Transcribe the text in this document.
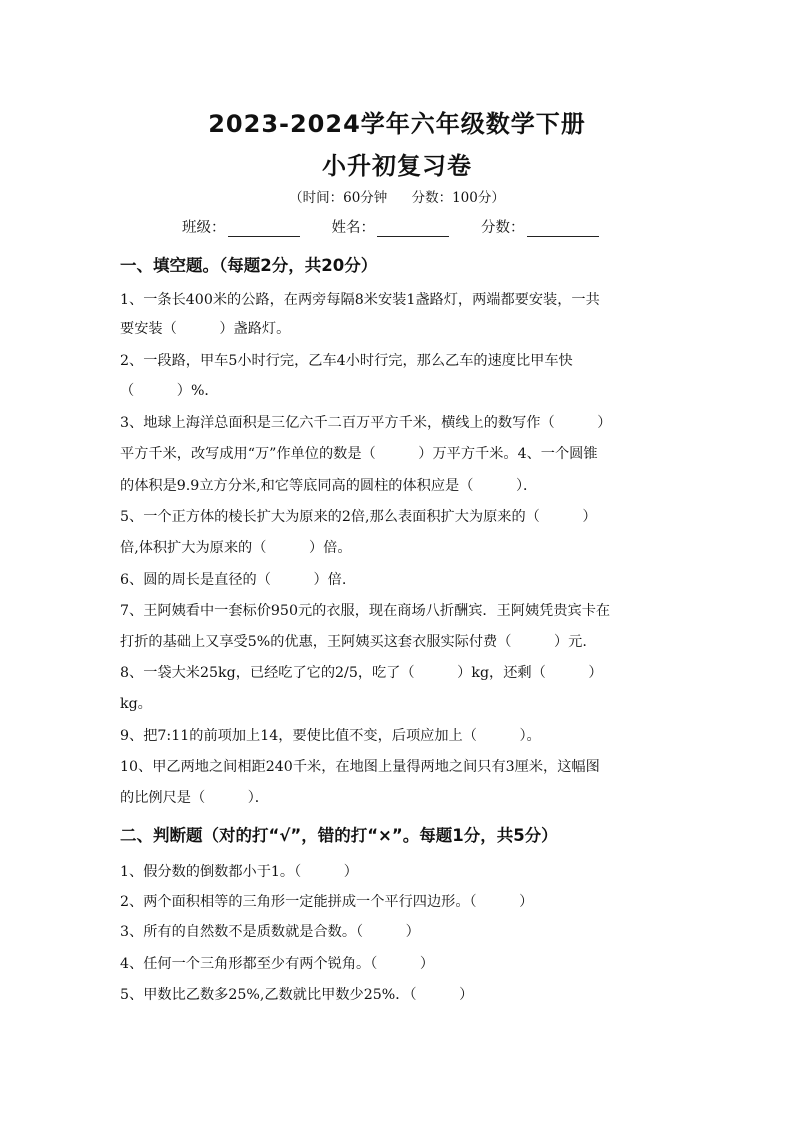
2023-2024学年六年级数学下册
小升初复习卷
（时间：60分钟 分数：100分）
班级：	姓名：	分数：
一、填空题。（每题2分，共20分）
1、一条长400米的公路，在两旁每隔8米安装1盏路灯，两端都要安装，一共
要安装（　　　）盏路灯。
2、一段路，甲车5小时行完，乙车4小时行完，那么乙车的速度比甲车快
（　　　）%．
3、地球上海洋总面积是三亿六千二百万平方千米，横线上的数写作（　　　）
平方千米，改写成用“万”作单位的数是（　　　）万平方千米。4、一个圆锥
的体积是9.9立方分米,和它等底同高的圆柱的体积应是（　　　）．
5、一个正方体的棱长扩大为原来的2倍,那么表面积扩大为原来的（　　　）
倍,体积扩大为原来的（　　　）倍。
6、圆的周长是直径的（　　　）倍.
7、王阿姨看中一套标价950元的衣服，现在商场八折酬宾．王阿姨凭贵宾卡在
打折的基础上又享受5%的优惠，王阿姨买这套衣服实际付费（　　　）元.
8、一袋大米25kg，已经吃了它的2/5，吃了（　　　）kg，还剩（　　　）
kg。
9、把7:11的前项加上14，要使比值不变，后项应加上（　　　）。
10、甲乙两地之间相距240千米，在地图上量得两地之间只有3厘米，这幅图
的比例尺是（　　　）．
二、判断题（对的打“√”，错的打“×”。每题1分，共5分）
1、假分数的倒数都小于1。（　　　）
2、两个面积相等的三角形一定能拼成一个平行四边形。（　　　）
3、所有的自然数不是质数就是合数。（　　　）
4、任何一个三角形都至少有两个锐角。（　　　）
5、甲数比乙数多25%,乙数就比甲数少25%．（　　　）
